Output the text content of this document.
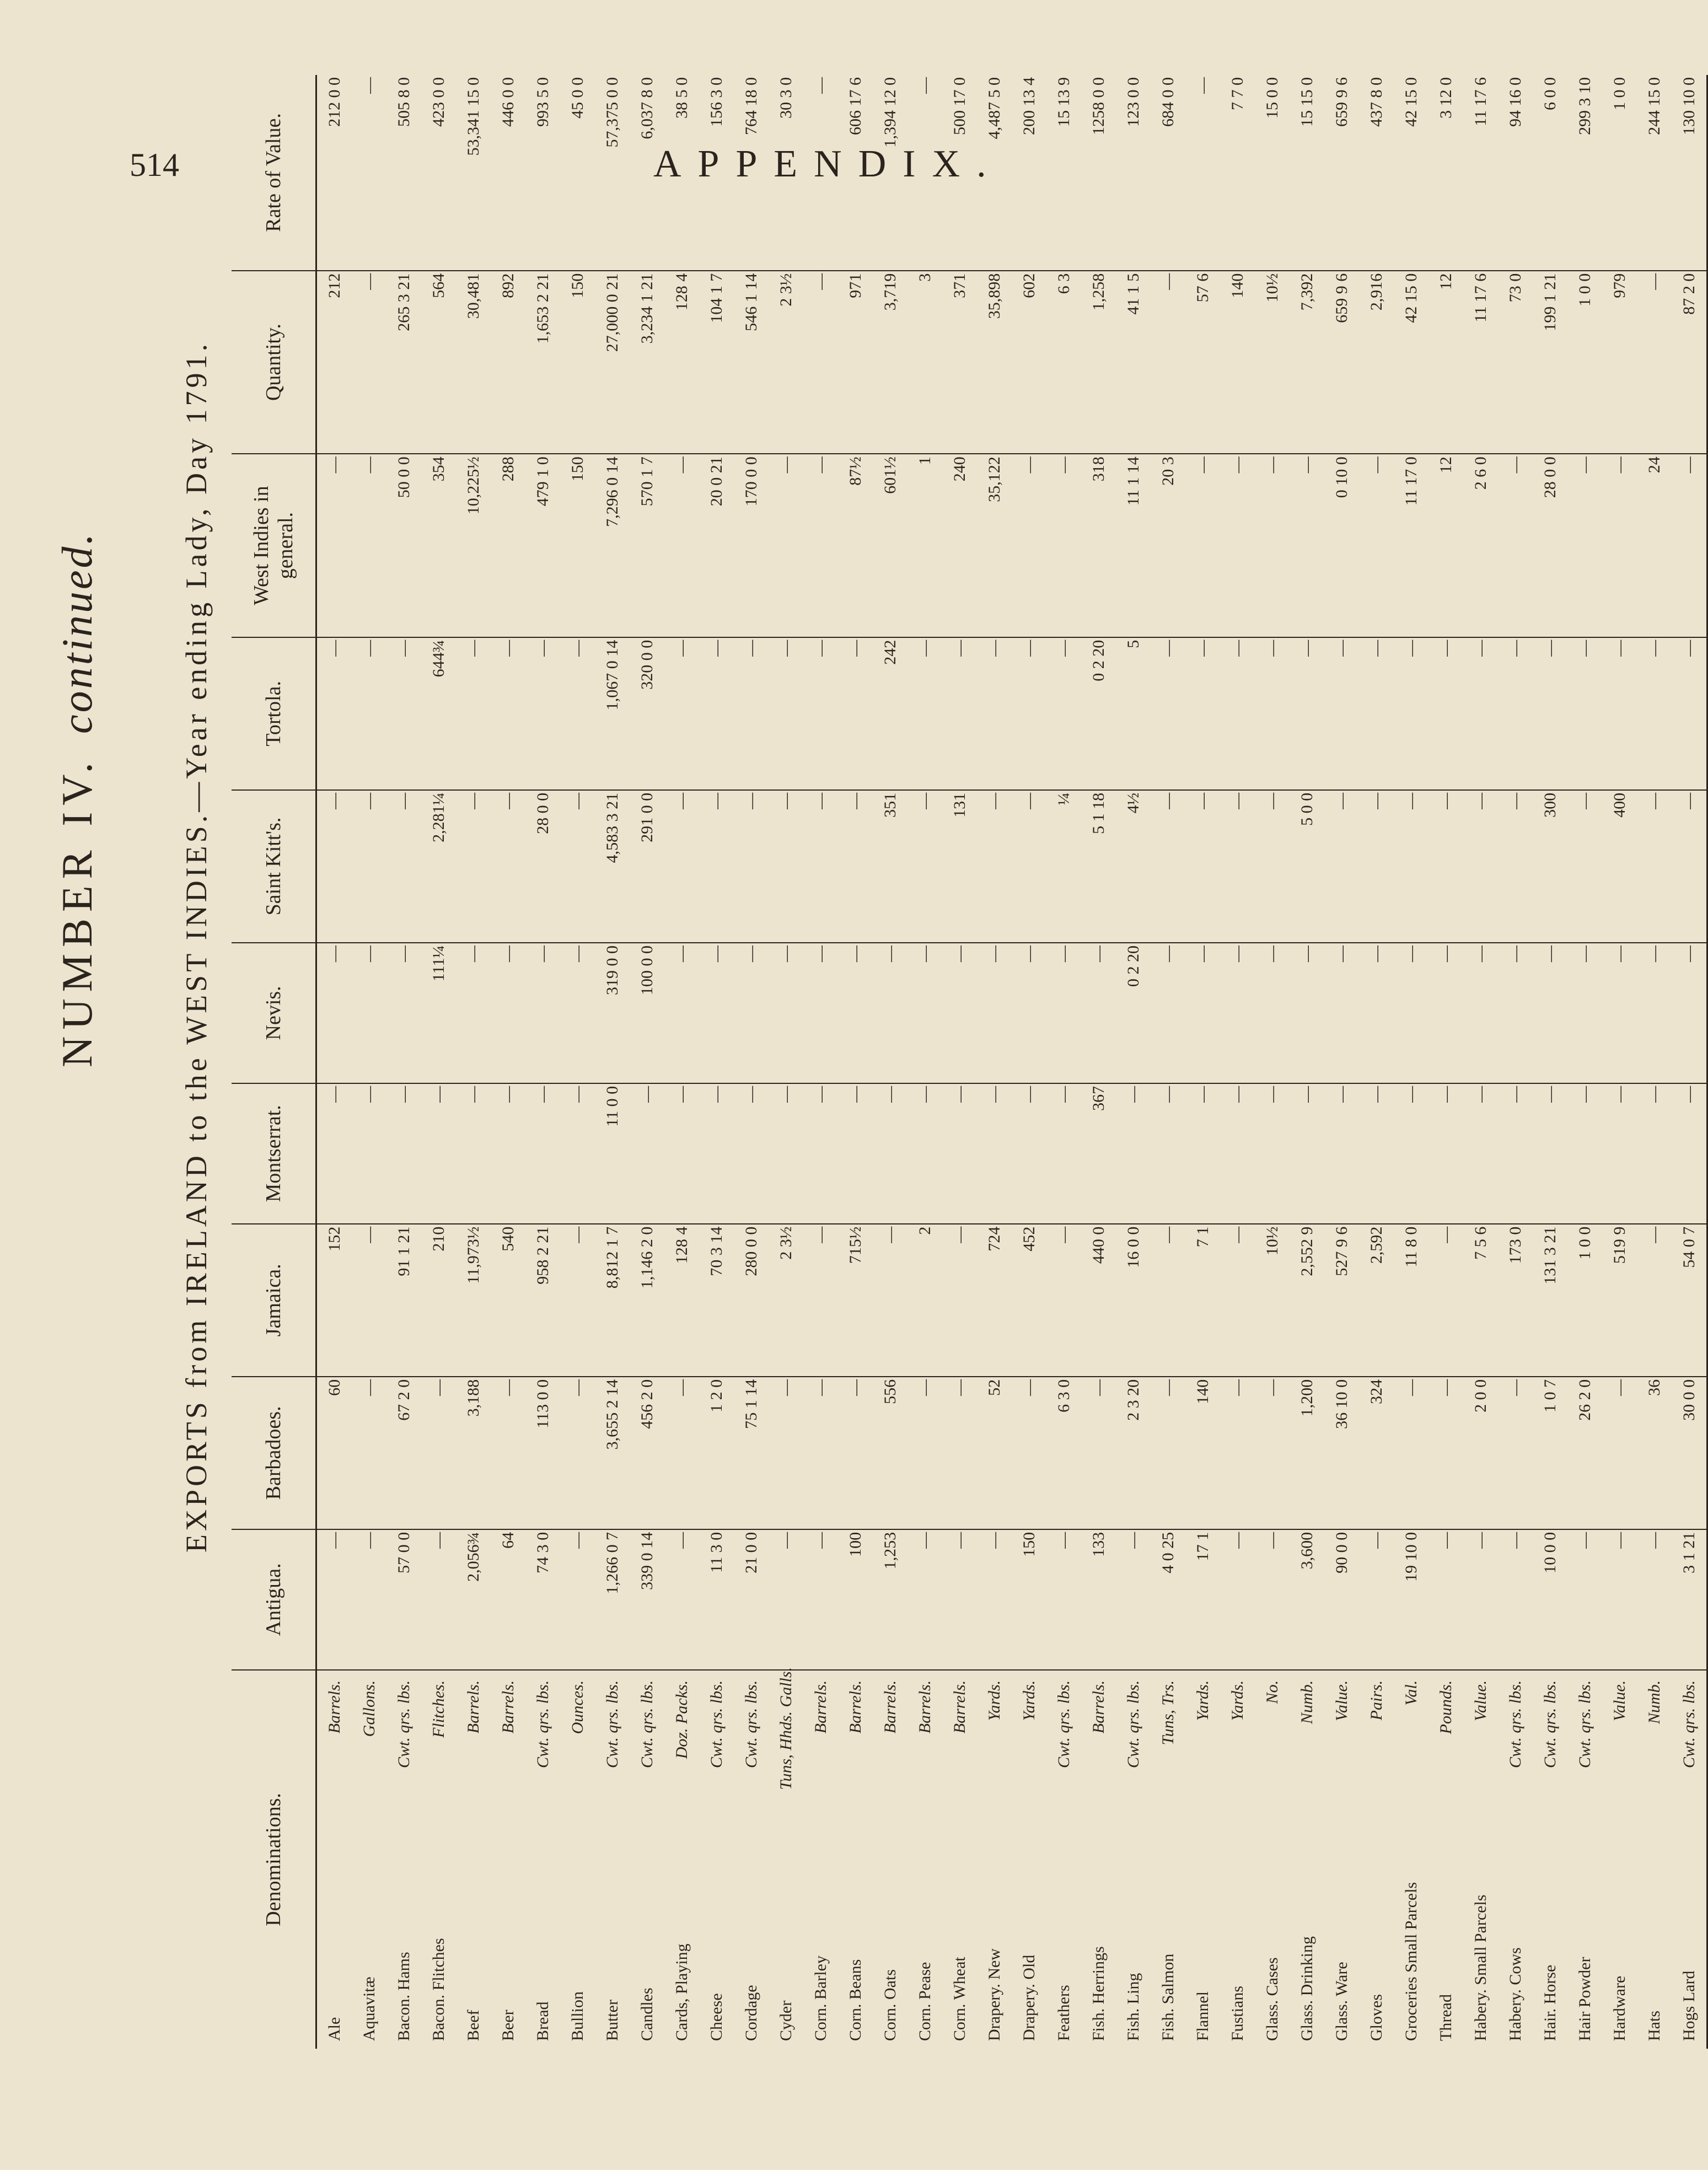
514	APPENDIX.
NUMBER IV.continued.	EXPORTS from IRELAND to the WEST INDIES.—Year ending Lady, Day 1791.
Denominations.		Antigua.	Barbadoes.	Jamaica.	Montserrat.	Nevis.	Saint Kitt's.	Tortola.	West Indies in general.	Quantity.	Rate of Value.
Ale	Barrels.	—	60	152	—	—	—	—	—	212	212 0 0
Aquavitæ	Gallons.	—	—	—	—	—	—	—	—	—	—
Bacon. Hams	Cwt. qrs. lbs.	57 0 0	67 2 0	91 1 21	—	—	—	—	50 0 0	265 3 21	505 8 0
Bacon. Flitches	Flitches.	—	—	210	—	111¼	2,281¼	644¾	354	564	423 0 0
Beef	Barrels.	2,056¾	3,188	11,973½	—	—	—	—	10,225½	30,481	53,341 15 0
Beer	Barrels.	64	—	540	—	—	—	—	288	892	446 0 0
Bread	Cwt. qrs. lbs.	74 3 0	113 0 0	958 2 21	—	—	28 0 0	—	479 1 0	1,653 2 21	993 5 0
Bullion	Ounces.	—	—	—	—	—	—	—	150	150	45 0 0
Butter	Cwt. qrs. lbs.	1,266 0 7	3,655 2 14	8,812 1 7	11 0 0	319 0 0	4,583 3 21	1,067 0 14	7,296 0 14	27,000 0 21	57,375 0 0
Candles	Cwt. qrs. lbs.	339 0 14	456 2 0	1,146 2 0	—	100 0 0	291 0 0	320 0 0	570 1 7	3,234 1 21	6,037 8 0
Cards, Playing	Doz. Packs.	—	—	128 4	—	—	—	—	—	128 4	38 5 0
Cheese	Cwt. qrs. lbs.	11 3 0	1 2 0	70 3 14	—	—	—	—	20 0 21	104 1 7	156 3 0
Cordage	Cwt. qrs. lbs.	21 0 0	75 1 14	280 0 0	—	—	—	—	170 0 0	546 1 14	764 18 0
Cyder	Tuns, Hhds. Galls.	—	—	2 3½	—	—	—	—	—	2 3½	30 3 0
Corn. Barley	Barrels.	—	—	—	—	—	—	—	—	—	—
Corn. Beans	Barrels.	100	—	715½	—	—	—	—	87½	971	606 17 6
Corn. Oats	Barrels.	1,253	556	—	—	—	351	242	601½	3,719	1,394 12 0
Corn. Pease	Barrels.	—	—	2	—	—	—	—	1	3	—
Corn. Wheat	Barrels.	—	—	—	—	—	131	—	240	371	500 17 0
Drapery. New	Yards.	—	52	724	—	—	—	—	35,122	35,898	4,487 5 0
Drapery. Old	Yards.	150	—	452	—	—	—	—	—	602	200 13 4
Feathers	Cwt. qrs. lbs.	—	6 3 0	—	—	—	¼	—	—	6 3	15 13 9
Fish. Herrings	Barrels.	133	—	440 0	367	—	5 1 18	0 2 20	318	1,258	1258 0 0
Fish. Ling	Cwt. qrs. lbs.	—	2 3 20	16 0 0	—	0 2 20	4½	5	11 1 14	41 1 5	123 0 0
Fish. Salmon	Tuns, Trs.	4 0 25	—	—	—	—	—	—	20 3	—	684 0 0
Flannel	Yards.	17 1	140	7 1	—	—	—	—	—	57 6	—
Fustians	Yards.	—	—	—	—	—	—	—	—	140	7 7 0
Glass. Cases	No.	—	—	10½	—	—	—	—	—	10½	15 0 0
Glass. Drinking	Numb.	3,600	1,200	2,552 9	—	—	5 0 0	—	—	7,392	15 15 0
Glass. Ware	Value.	90 0 0	36 10 0	527 9 6	—	—	—	—	0 10 0	659 9 6	659 9 6
Gloves	Pairs.	—	324	2,592	—	—	—	—	—	2,916	437 8 0
Groceries Small Parcels	Val.	19 10 0	—	11 8 0	—	—	—	—	11 17 0	42 15 0	42 15 0
Thread	Pounds.	—	—	—	—	—	—	—	12	12	3 12 0
Habery. Small Parcels	Value.	—	2 0 0	7 5 6	—	—	—	—	2 6 0	11 17 6	11 17 6
Habery. Cows	Cwt. qrs. lbs.	—	—	173 0	—	—	—	—	—	73 0	94 16 0
Hair. Horse	Cwt. qrs. lbs.	10 0 0	1 0 7	131 3 21	—	—	300	—	28 0 0	199 1 21	6 0 0
Hair Powder	Cwt. qrs. lbs.	—	26 2 0	1 0 0	—	—	—	—	—	1 0 0	299 3 10
Hardware	Value.	—	—	519 9	—	—	400	—	—	979	1 0 0
Hats	Numb.	—	36	—	—	—	—	—	24	—	244 15 0
Hogs Lard	Cwt. qrs. lbs.	3 1 21	30 0 0	54 0 7	—	—	—	—	—	87 2 0	130 10 0
